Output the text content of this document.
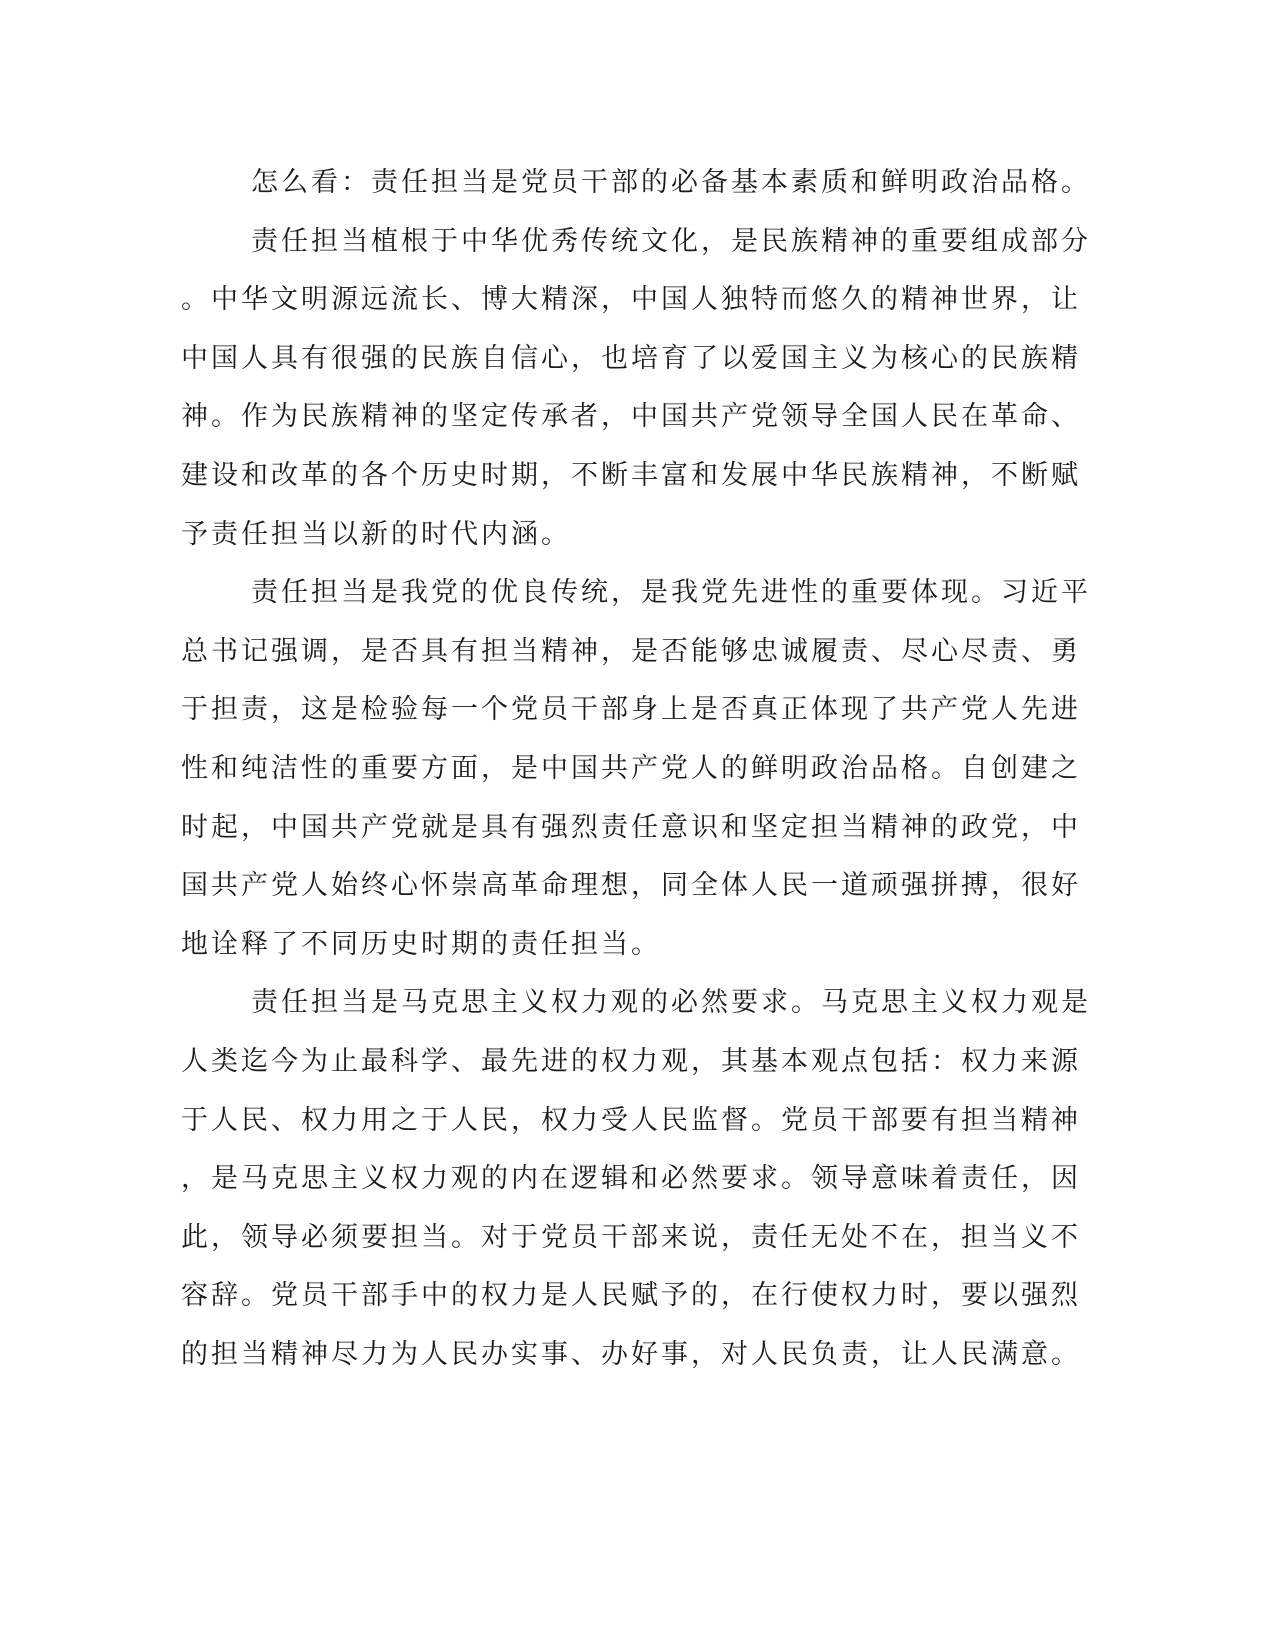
怎么看：责任担当是党员干部的必备基本素质和鲜明政治品格。
责任担当植根于中华优秀传统文化，是民族精神的重要组成部分
。中华文明源远流长、博大精深，中国人独特而悠久的精神世界，让
中国人具有很强的民族自信心，也培育了以爱国主义为核心的民族精
神。作为民族精神的坚定传承者，中国共产党领导全国人民在革命、
建设和改革的各个历史时期，不断丰富和发展中华民族精神，不断赋
予责任担当以新的时代内涵。
责任担当是我党的优良传统，是我党先进性的重要体现。习近平
总书记强调，是否具有担当精神，是否能够忠诚履责、尽心尽责、勇
于担责，这是检验每一个党员干部身上是否真正体现了共产党人先进
性和纯洁性的重要方面，是中国共产党人的鲜明政治品格。自创建之
时起，中国共产党就是具有强烈责任意识和坚定担当精神的政党，中
国共产党人始终心怀崇高革命理想，同全体人民一道顽强拼搏，很好
地诠释了不同历史时期的责任担当。
责任担当是马克思主义权力观的必然要求。马克思主义权力观是
人类迄今为止最科学、最先进的权力观，其基本观点包括：权力来源
于人民、权力用之于人民，权力受人民监督。党员干部要有担当精神
，是马克思主义权力观的内在逻辑和必然要求。领导意味着责任，因
此，领导必须要担当。对于党员干部来说，责任无处不在，担当义不
容辞。党员干部手中的权力是人民赋予的，在行使权力时，要以强烈
的担当精神尽力为人民办实事、办好事，对人民负责，让人民满意。
